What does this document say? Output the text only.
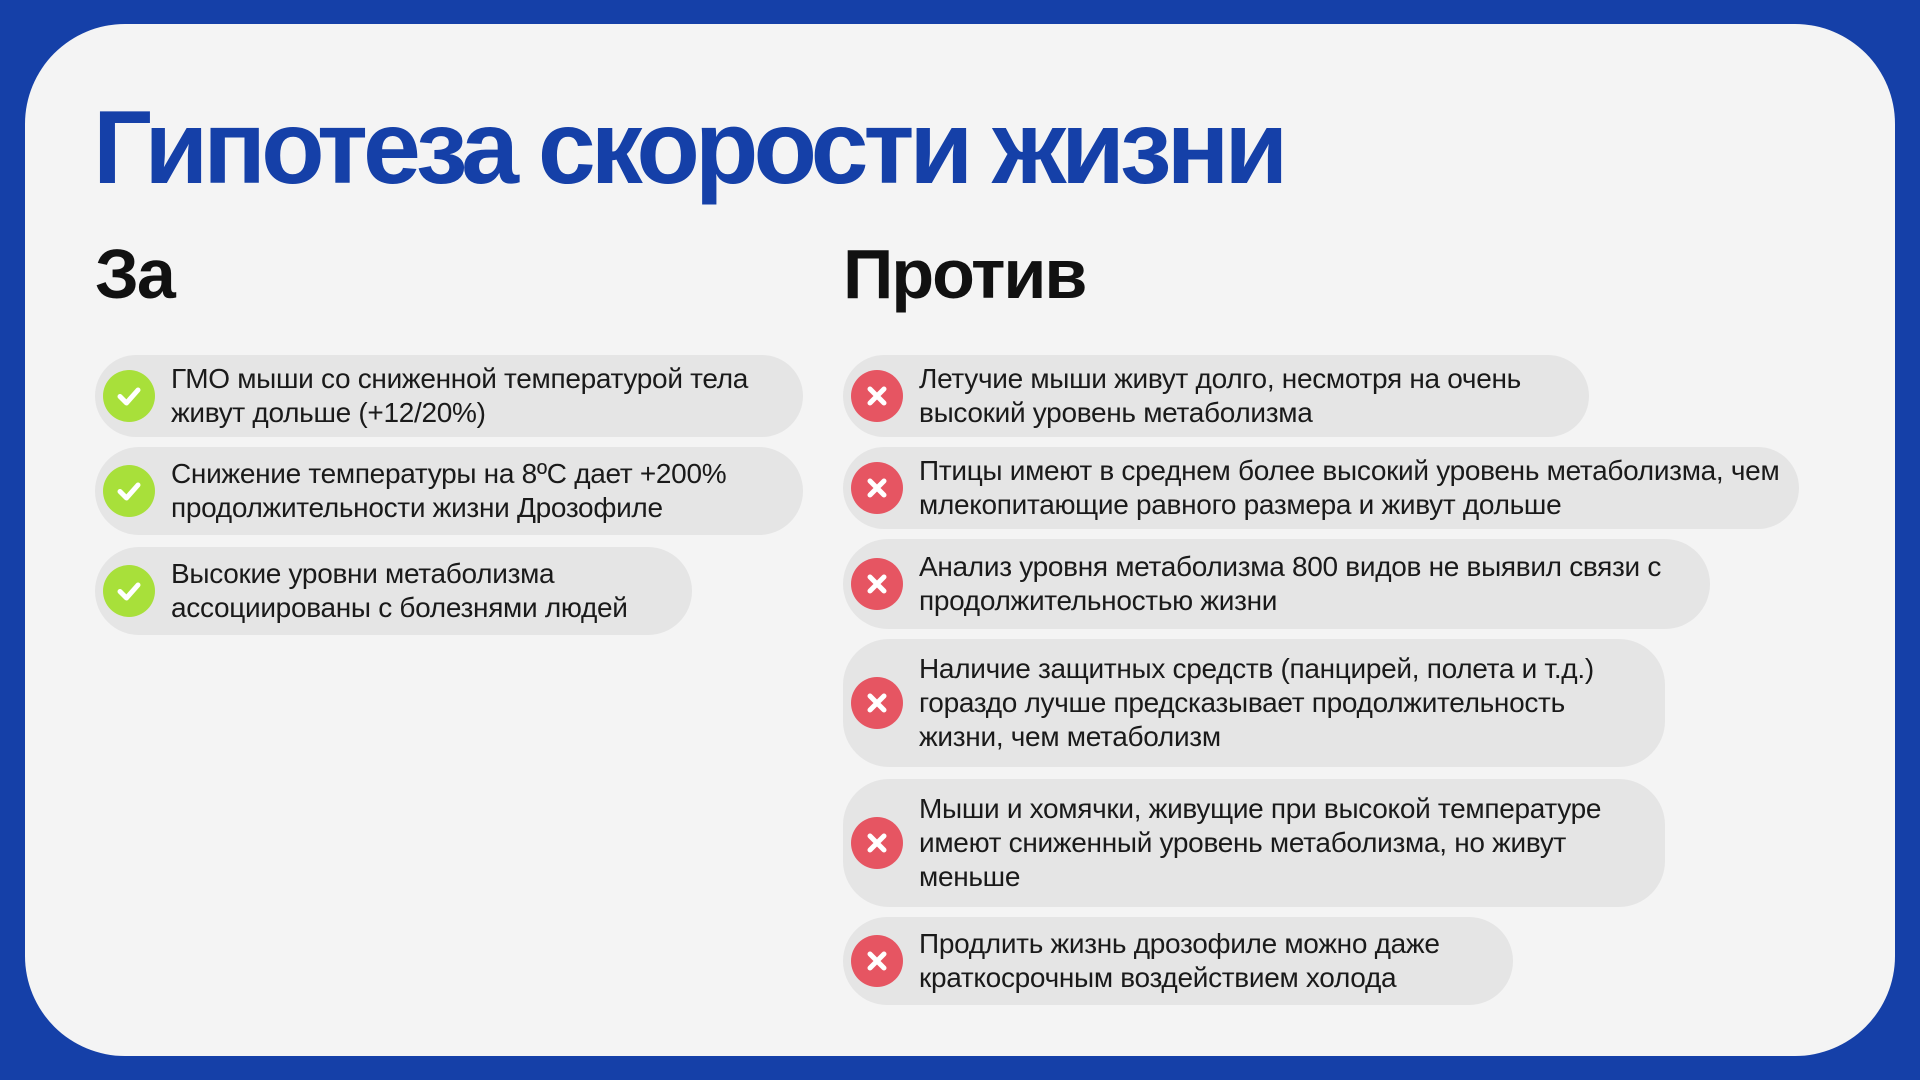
Гипотеза скорости жизни
За	Против
ГМО мыши со сниженной температурой тела живут дольше (+12/20%)
Снижение температуры на 8ºС дает +200% продолжительности жизни Дрозофиле
Высокие уровни метаболизма ассоциированы с болезнями людей
Летучие мыши живут долго, несмотря на очень высокий уровень метаболизма
Птицы имеют в среднем более высокий уровень метаболизма, чем млекопитающие равного размера и живут дольше
Анализ уровня метаболизма 800 видов не выявил связи с продолжительностью жизни
Наличие защитных средств (панцирей, полета и т.д.) гораздо лучше предсказывает продолжительность жизни, чем метаболизм
Мыши и хомячки, живущие при высокой температуре имеют сниженный уровень метаболизма, но живут меньше
Продлить жизнь дрозофиле можно даже краткосрочным воздействием холода
